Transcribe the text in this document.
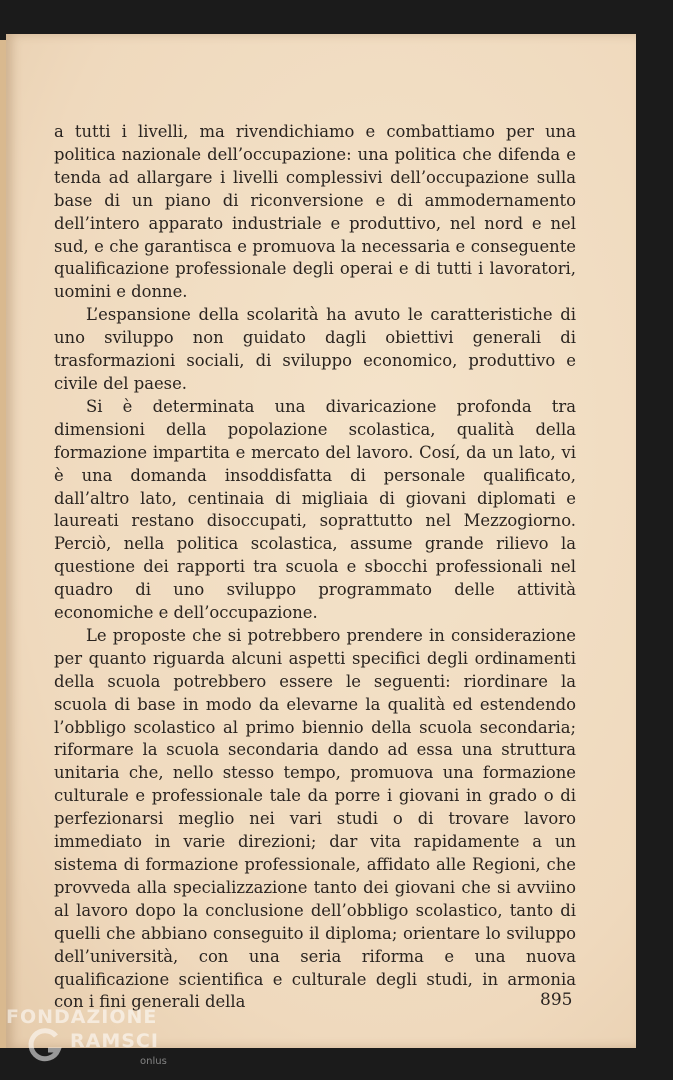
a tutti i livelli, ma rivendichiamo e combattiamo per una politica nazionale dell’occupazione: una politica che difenda e tenda ad allargare i livelli complessivi dell’occupazione sulla base di un piano di riconversione e di ammodernamento dell’intero apparato industriale e produttivo, nel nord e nel sud, e che garantisca e promuova la necessaria e conseguente qualificazione professionale degli operai e di tutti i lavoratori, uomini e donne.

L’espansione della scolarità ha avuto le caratteristiche di uno sviluppo non guidato dagli obiettivi generali di trasformazioni sociali, di sviluppo economico, produttivo e civile del paese.

Si è determinata una divaricazione profonda tra dimensioni della popolazione scolastica, qualità della formazione impartita e mercato del lavoro. Cosí, da un lato, vi è una domanda insoddisfatta di personale qualificato, dall’altro lato, centinaia di migliaia di giovani diplomati e laureati restano disoccupati, soprattutto nel Mezzogiorno. Perciò, nella politica scolastica, assume grande rilievo la questione dei rapporti tra scuola e sbocchi professionali nel quadro di uno sviluppo programmato delle attività economiche e dell’occupazione.

Le proposte che si potrebbero prendere in considerazione per quanto riguarda alcuni aspetti specifici degli ordinamenti della scuola potrebbero essere le seguenti: riordinare la scuola di base in modo da elevarne la qualità ed estendendo l’obbligo scolastico al primo biennio della scuola secondaria; riformare la scuola secondaria dando ad essa una struttura unitaria che, nello stesso tempo, promuova una formazione culturale e professionale tale da porre i giovani in grado o di perfezionarsi meglio nei vari studi o di trovare lavoro immediato in varie direzioni; dar vita rapidamente a un sistema di formazione professionale, affidato alle Regioni, che provveda alla specializzazione tanto dei giovani che si avviino al lavoro dopo la conclusione dell’obbligo scolastico, tanto di quelli che abbiano conseguito il diploma; orientare lo sviluppo dell’università, con una seria riforma e una nuova qualificazione scientifica e culturale degli studi, in armonia con i fini generali della	895
FONDAZIONE
RAMSCI
onlus
